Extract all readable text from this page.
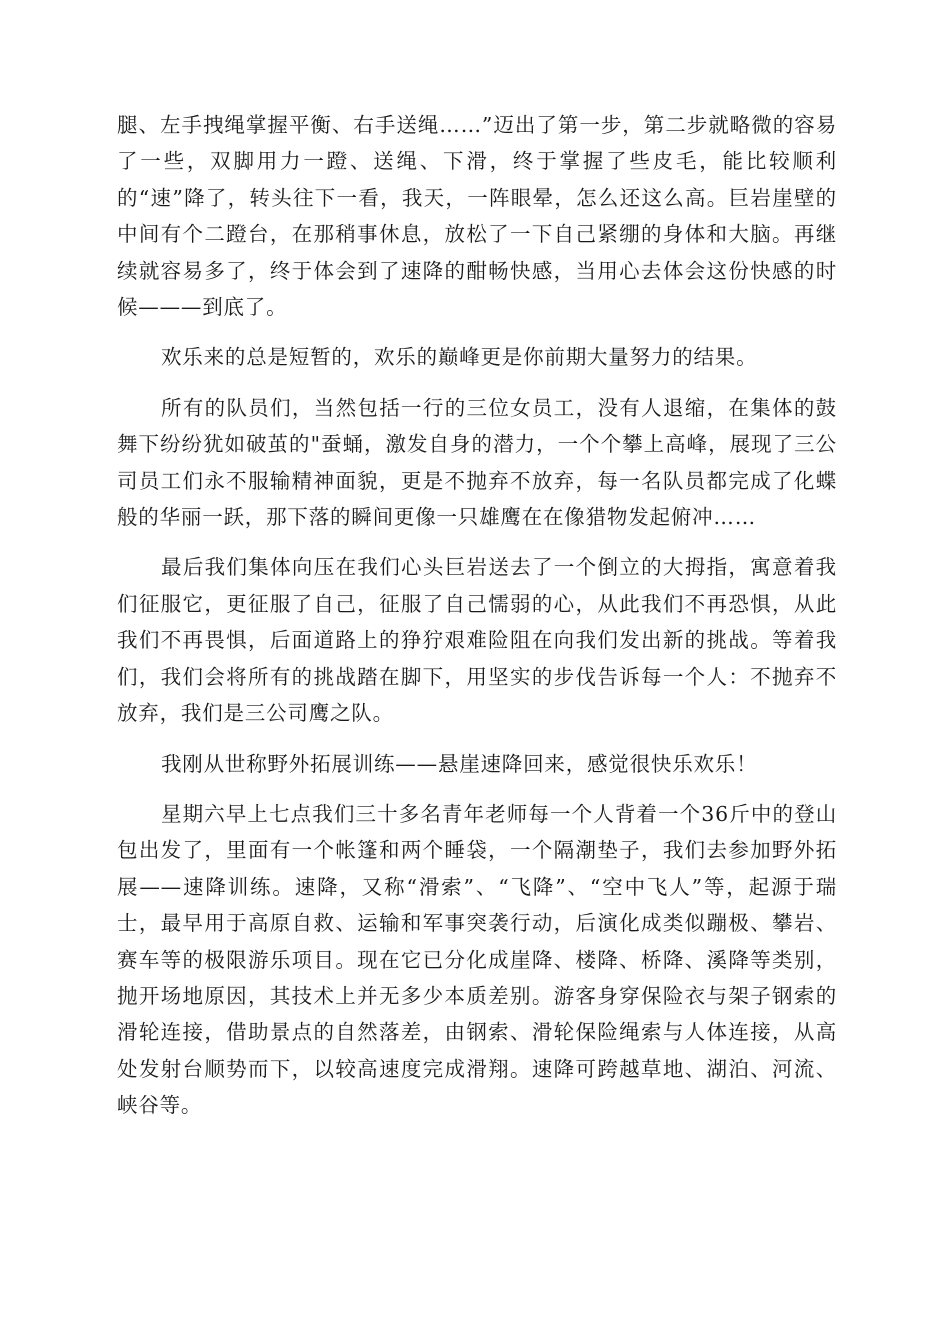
腿、左手拽绳掌握平衡、右手送绳……”迈出了第一步，第二步就略微的容易了一些，双脚用力一蹬、送绳、下滑，终于掌握了些皮毛，能比较顺利的“速”降了，转头往下一看，我天，一阵眼晕，怎么还这么高。巨岩崖壁的中间有个二蹬台，在那稍事休息，放松了一下自己紧绷的身体和大脑。再继续就容易多了，终于体会到了速降的酣畅快感，当用心去体会这份快感的时候———到底了。

欢乐来的总是短暂的，欢乐的巅峰更是你前期大量努力的结果。

所有的队员们，当然包括一行的三位女员工，没有人退缩，在集体的鼓舞下纷纷犹如破茧的"蚕蛹，激发自身的潜力，一个个攀上高峰，展现了三公司员工们永不服输精神面貌，更是不抛弃不放弃，每一名队员都完成了化蝶般的华丽一跃，那下落的瞬间更像一只雄鹰在在像猎物发起俯冲……

最后我们集体向压在我们心头巨岩送去了一个倒立的大拇指，寓意着我们征服它，更征服了自己，征服了自己懦弱的心，从此我们不再恐惧，从此我们不再畏惧，后面道路上的狰狞艰难险阻在向我们发出新的挑战。等着我们，我们会将所有的挑战踏在脚下，用坚实的步伐告诉每一个人：不抛弃不放弃，我们是三公司鹰之队。

我刚从世称野外拓展训练——悬崖速降回来，感觉很快乐欢乐！

星期六早上七点我们三十多名青年老师每一个人背着一个36斤中的登山包出发了，里面有一个帐篷和两个睡袋，一个隔潮垫子，我们去参加野外拓展——速降训练。速降，又称“滑索”、“飞降”、“空中飞人”等，起源于瑞士，最早用于高原自救、运输和军事突袭行动，后演化成类似蹦极、攀岩、赛车等的极限游乐项目。现在它已分化成崖降、楼降、桥降、溪降等类别，抛开场地原因，其技术上并无多少本质差别。游客身穿保险衣与架子钢索的滑轮连接，借助景点的自然落差，由钢索、滑轮保险绳索与人体连接，从高处发射台顺势而下，以较高速度完成滑翔。速降可跨越草地、湖泊、河流、峡谷等。
